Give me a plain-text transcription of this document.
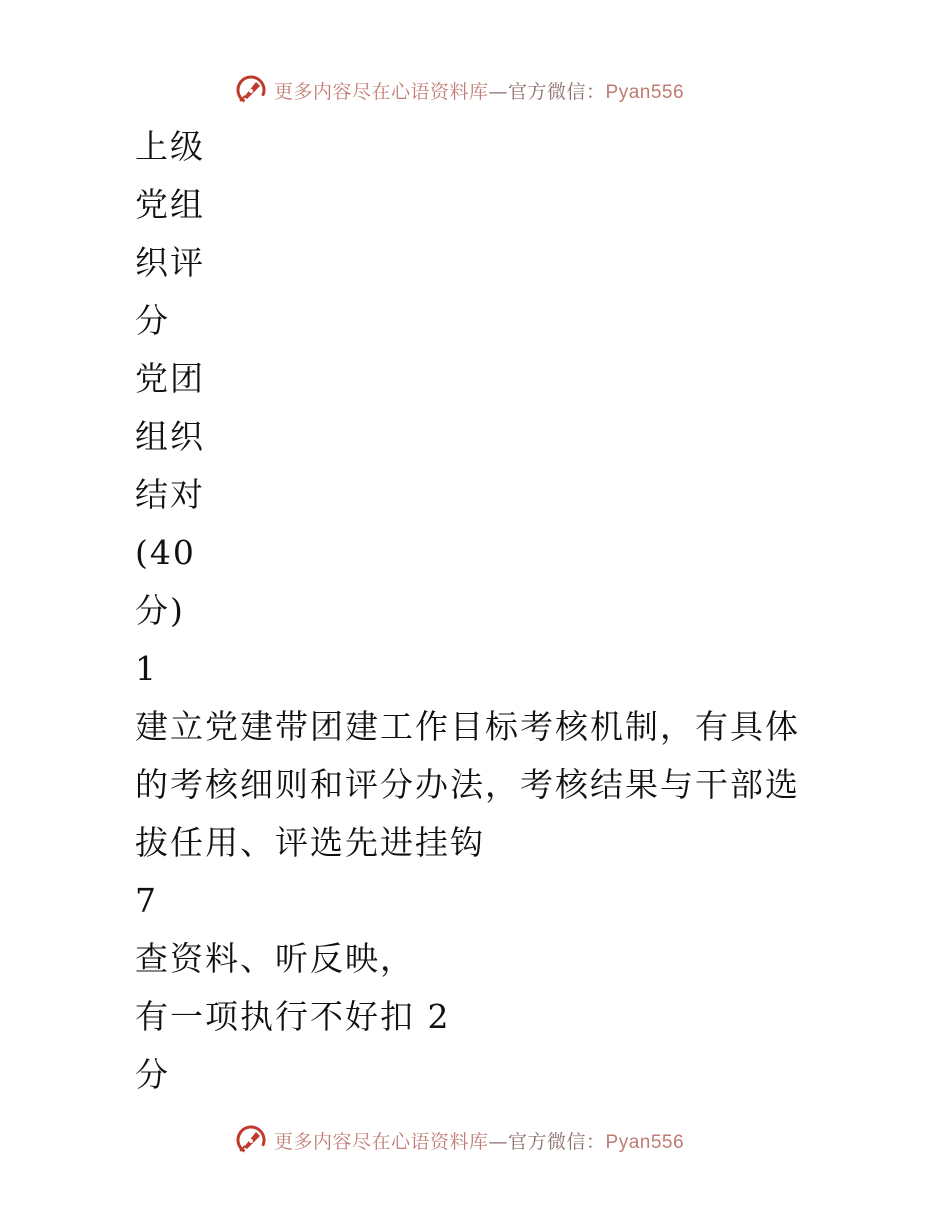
更多内容尽在心语资料库—官方微信：Pyan556
上级
党组
织评
分
党团
组织
结对
(40
分)
1
建立党建带团建工作目标考核机制，有具体
的考核细则和评分办法，考核结果与干部选
拔任用、评选先进挂钩
7
查资料、听反映，
有一项执行不好扣 2
分
更多内容尽在心语资料库—官方微信：Pyan556
